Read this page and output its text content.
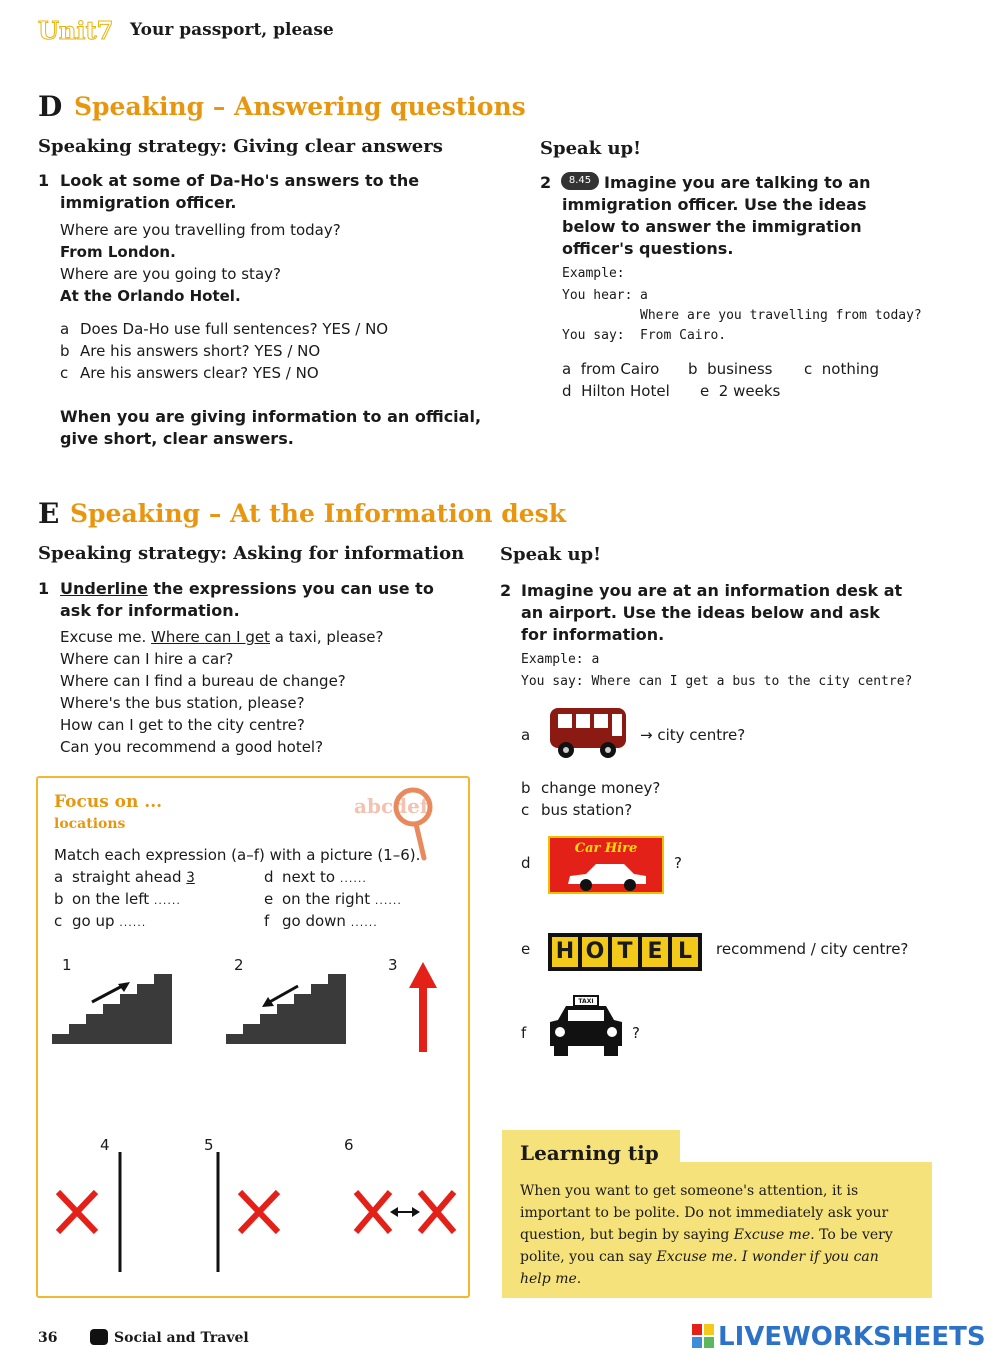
Unit7 Your passport, please
D Speaking – Answering questions
Speaking strategy: Giving clear answers
1 Look at some of Da-Ho's answers to the immigration officer.
Where are you travelling from today?
From London.
Where are you going to stay?
At the Orlando Hotel.
a Does Da-Ho use full sentences? YES / NO
b Are his answers short? YES / NO
c Are his answers clear? YES / NO
When you are giving information to an official, give short, clear answers.
Speak up!
2	8.45 Imagine you are talking to an immigration officer. Use the ideas below to answer the immigration officer's questions.
Example:
You hear: a
Where are you travelling from today?
You say: From Cairo.
a from Cairo b business c nothing
d Hilton Hotel e 2 weeks
E Speaking – At the Information desk
Speaking strategy: Asking for information
1 Underline the expressions you can use to ask for information.
Excuse me. Where can I get a taxi, please?
Where can I hire a car?
Where can I find a bureau de change?
Where's the bus station, please?
How can I get to the city centre?
Can you recommend a good hotel?
Focus on ...
locations
abcdef
Match each expression (a–f) with a picture (1–6).
a straight ahead 3
b on the left ......
c go up ......
d next to ......
e on the right ......
f go down ......
1	2	3
4	5	6
Speak up!
2 Imagine you are at an information desk at an airport. Use the ideas below and ask for information.
Example: a
You say: Where can I get a bus to the city centre?
a	→ city centre?
b change money?
c bus station?
d
Car Hire
?
e H O T E L	recommend / city centre?
f
TAXI
?
Learning tip
When you want to get someone's attention, it is important to be polite. Do not immediately ask your question, but begin by saying Excuse me. To be very polite, you can say Excuse me. I wonder if you can help me.
36	Social and Travel	LIVEWORKSHEETS
